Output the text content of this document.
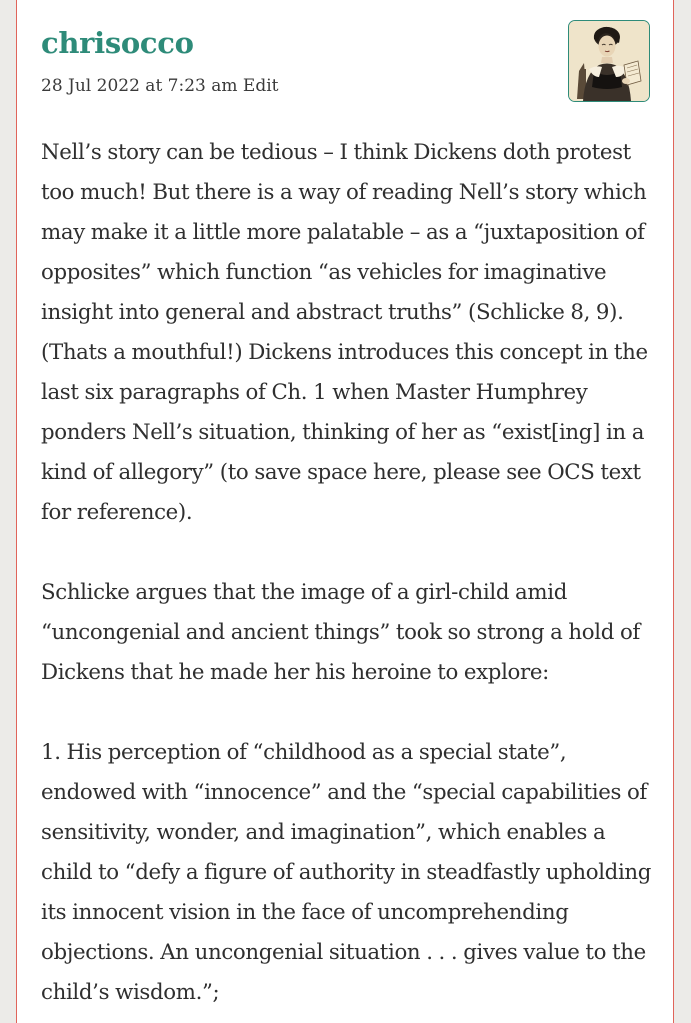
chrisocco
28 Jul 2022 at 7:23 am Edit

Nell’s story can be tedious – I think Dickens doth protest too much! But there is a way of reading Nell’s story which may make it a little more palatable – as a “juxtaposition of opposites” which function “as vehicles for imaginative insight into general and abstract truths” (Schlicke 8, 9). (Thats a mouthful!) Dickens introduces this concept in the last six paragraphs of Ch. 1 when Master Humphrey ponders Nell’s situation, thinking of her as “exist[ing] in a kind of allegory” (to save space here, please see OCS text for reference).

Schlicke argues that the image of a girl-child amid “uncongenial and ancient things” took so strong a hold of Dickens that he made her his heroine to explore:

1. His perception of “childhood as a special state”, endowed with “innocence” and the “special capabilities of sensitivity, wonder, and imagination”, which enables a child to “defy a figure of authority in steadfastly upholding its innocent vision in the face of uncomprehending objections. An uncongenial situation . . . gives value to the child’s wisdom.”;
